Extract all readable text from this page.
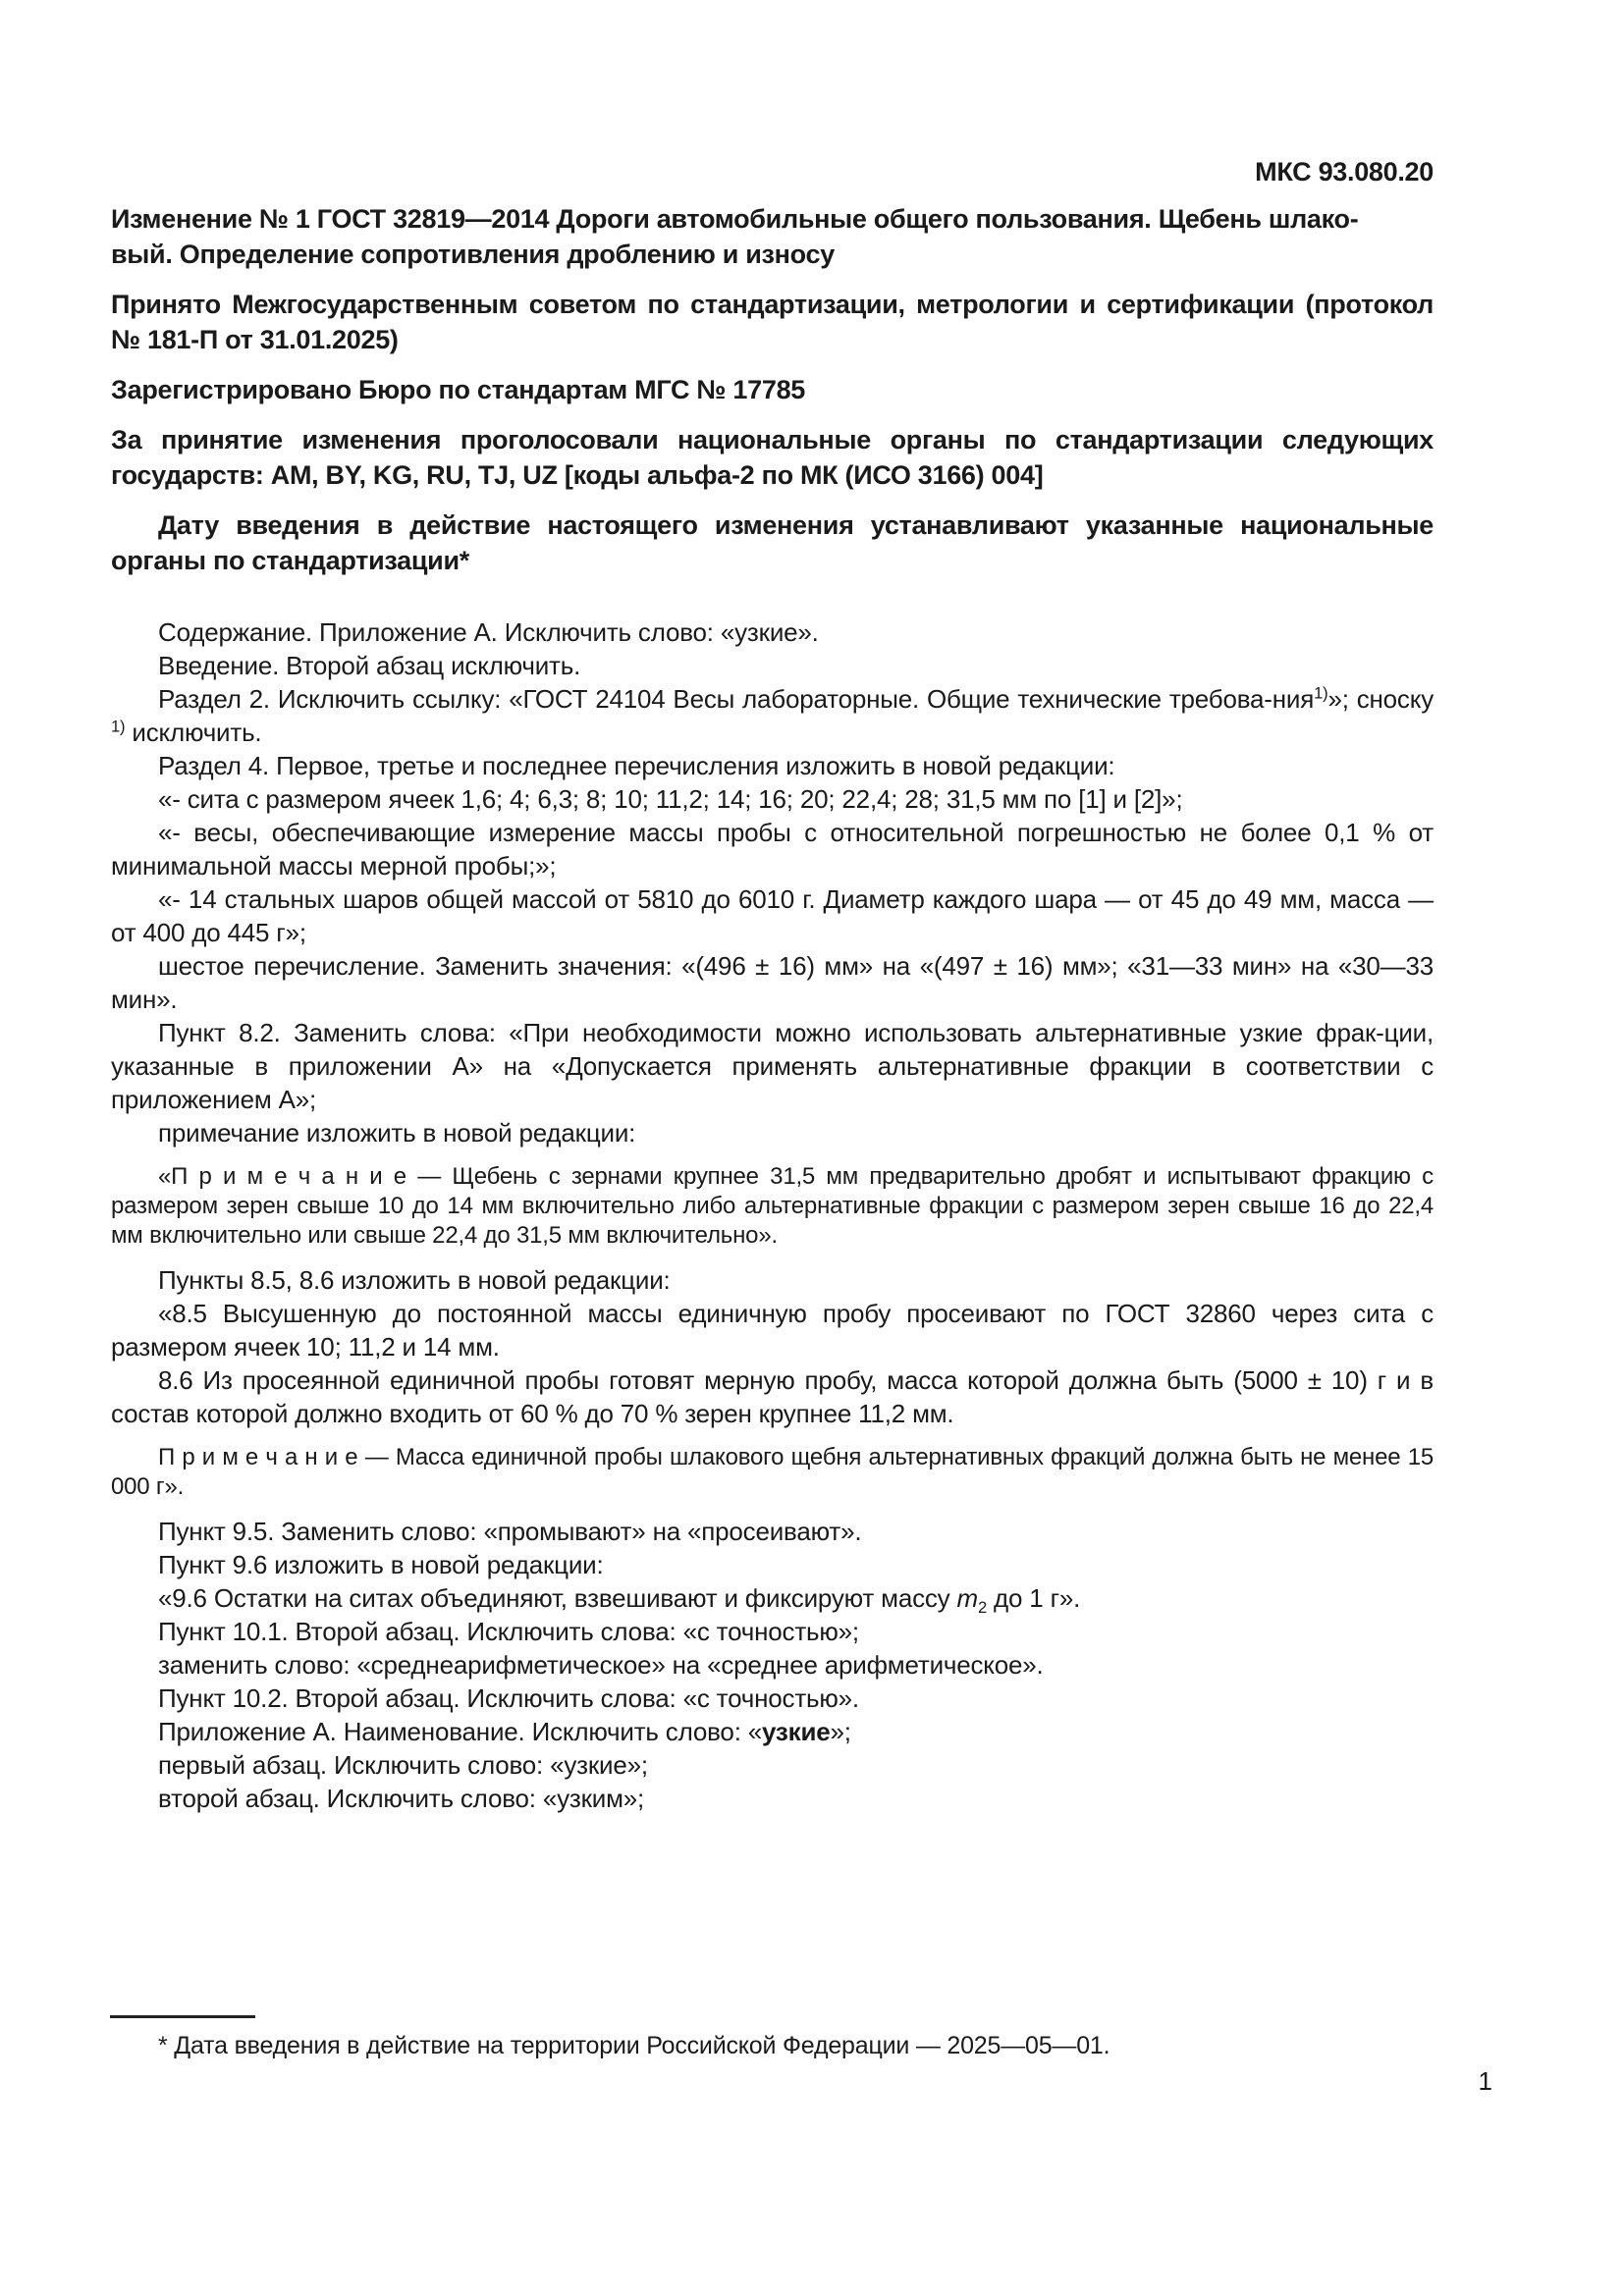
МКС 93.080.20

Изменение № 1 ГОСТ 32819—2014 Дороги автомобильные общего пользования. Щебень шлако-
вый. Определение сопротивления дроблению и износу

Принято Межгосударственным советом по стандартизации, метрологии и сертификации (протокол № 181-П от 31.01.2025)

Зарегистрировано Бюро по стандартам МГС № 17785

За принятие изменения проголосовали национальные органы по стандартизации следующих государств: AM, BY, KG, RU, TJ, UZ [коды альфа-2 по МК (ИСО 3166) 004]

Дату введения в действие настоящего изменения устанавливают указанные национальные органы по стандартизации*

Содержание. Приложение А. Исключить слово: «узкие».

Введение. Второй абзац исключить.

Раздел 2. Исключить ссылку: «ГОСТ 24104 Весы лабораторные. Общие технические требова-ния$^{1)}$»; сноску $^{1)}$ исключить.

Раздел 4. Первое, третье и последнее перечисления изложить в новой редакции:

«- сита с размером ячеек 1,6; 4; 6,3; 8; 10; 11,2; 14; 16; 20; 22,4; 28; 31,5 мм по [1] и [2]»;

«- весы, обеспечивающие измерение массы пробы с относительной погрешностью не более 0,1 % от минимальной массы мерной пробы;»;

«- 14 стальных шаров общей массой от 5810 до 6010 г. Диаметр каждого шара — от 45 до 49 мм, масса — от 400 до 445 г»;

шестое перечисление. Заменить значения: «(496 ± 16) мм» на «(497 ± 16) мм»; «31—33 мин» на «30—33 мин».

Пункт 8.2. Заменить слова: «При необходимости можно использовать альтернативные узкие фрак-ции, указанные в приложении А» на «Допускается применять альтернативные фракции в соответствии с приложением А»;

примечание изложить в новой редакции:

«П р и м е ч а н и е — Щебень с зернами крупнее 31,5 мм предварительно дробят и испытывают фракцию с размером зерен свыше 10 до 14 мм включительно либо альтернативные фракции с размером зерен свыше 16 до 22,4 мм включительно или свыше 22,4 до 31,5 мм включительно».

Пункты 8.5, 8.6 изложить в новой редакции:

«8.5 Высушенную до постоянной массы единичную пробу просеивают по ГОСТ 32860 через сита с размером ячеек 10; 11,2 и 14 мм.

8.6 Из просеянной единичной пробы готовят мерную пробу, масса которой должна быть (5000 ± 10) г и в состав которой должно входить от 60 % до 70 % зерен крупнее 11,2 мм.

П р и м е ч а н и е — Масса единичной пробы шлакового щебня альтернативных фракций должна быть не менее 15 000 г».

Пункт 9.5. Заменить слово: «промывают» на «просеивают».

Пункт 9.6 изложить в новой редакции:

«9.6 Остатки на ситах объединяют, взвешивают и фиксируют массу $m_2$ до 1 г».

Пункт 10.1. Второй абзац. Исключить слова: «с точностью»;

заменить слово: «среднеарифметическое» на «среднее арифметическое».

Пункт 10.2. Второй абзац. Исключить слова: «с точностью».

Приложение А. Наименование. Исключить слово: «узкие»;

первый абзац. Исключить слово: «узкие»;

второй абзац. Исключить слово: «узким»;

* Дата введения в действие на территории Российской Федерации — 2025—05—01.

1
